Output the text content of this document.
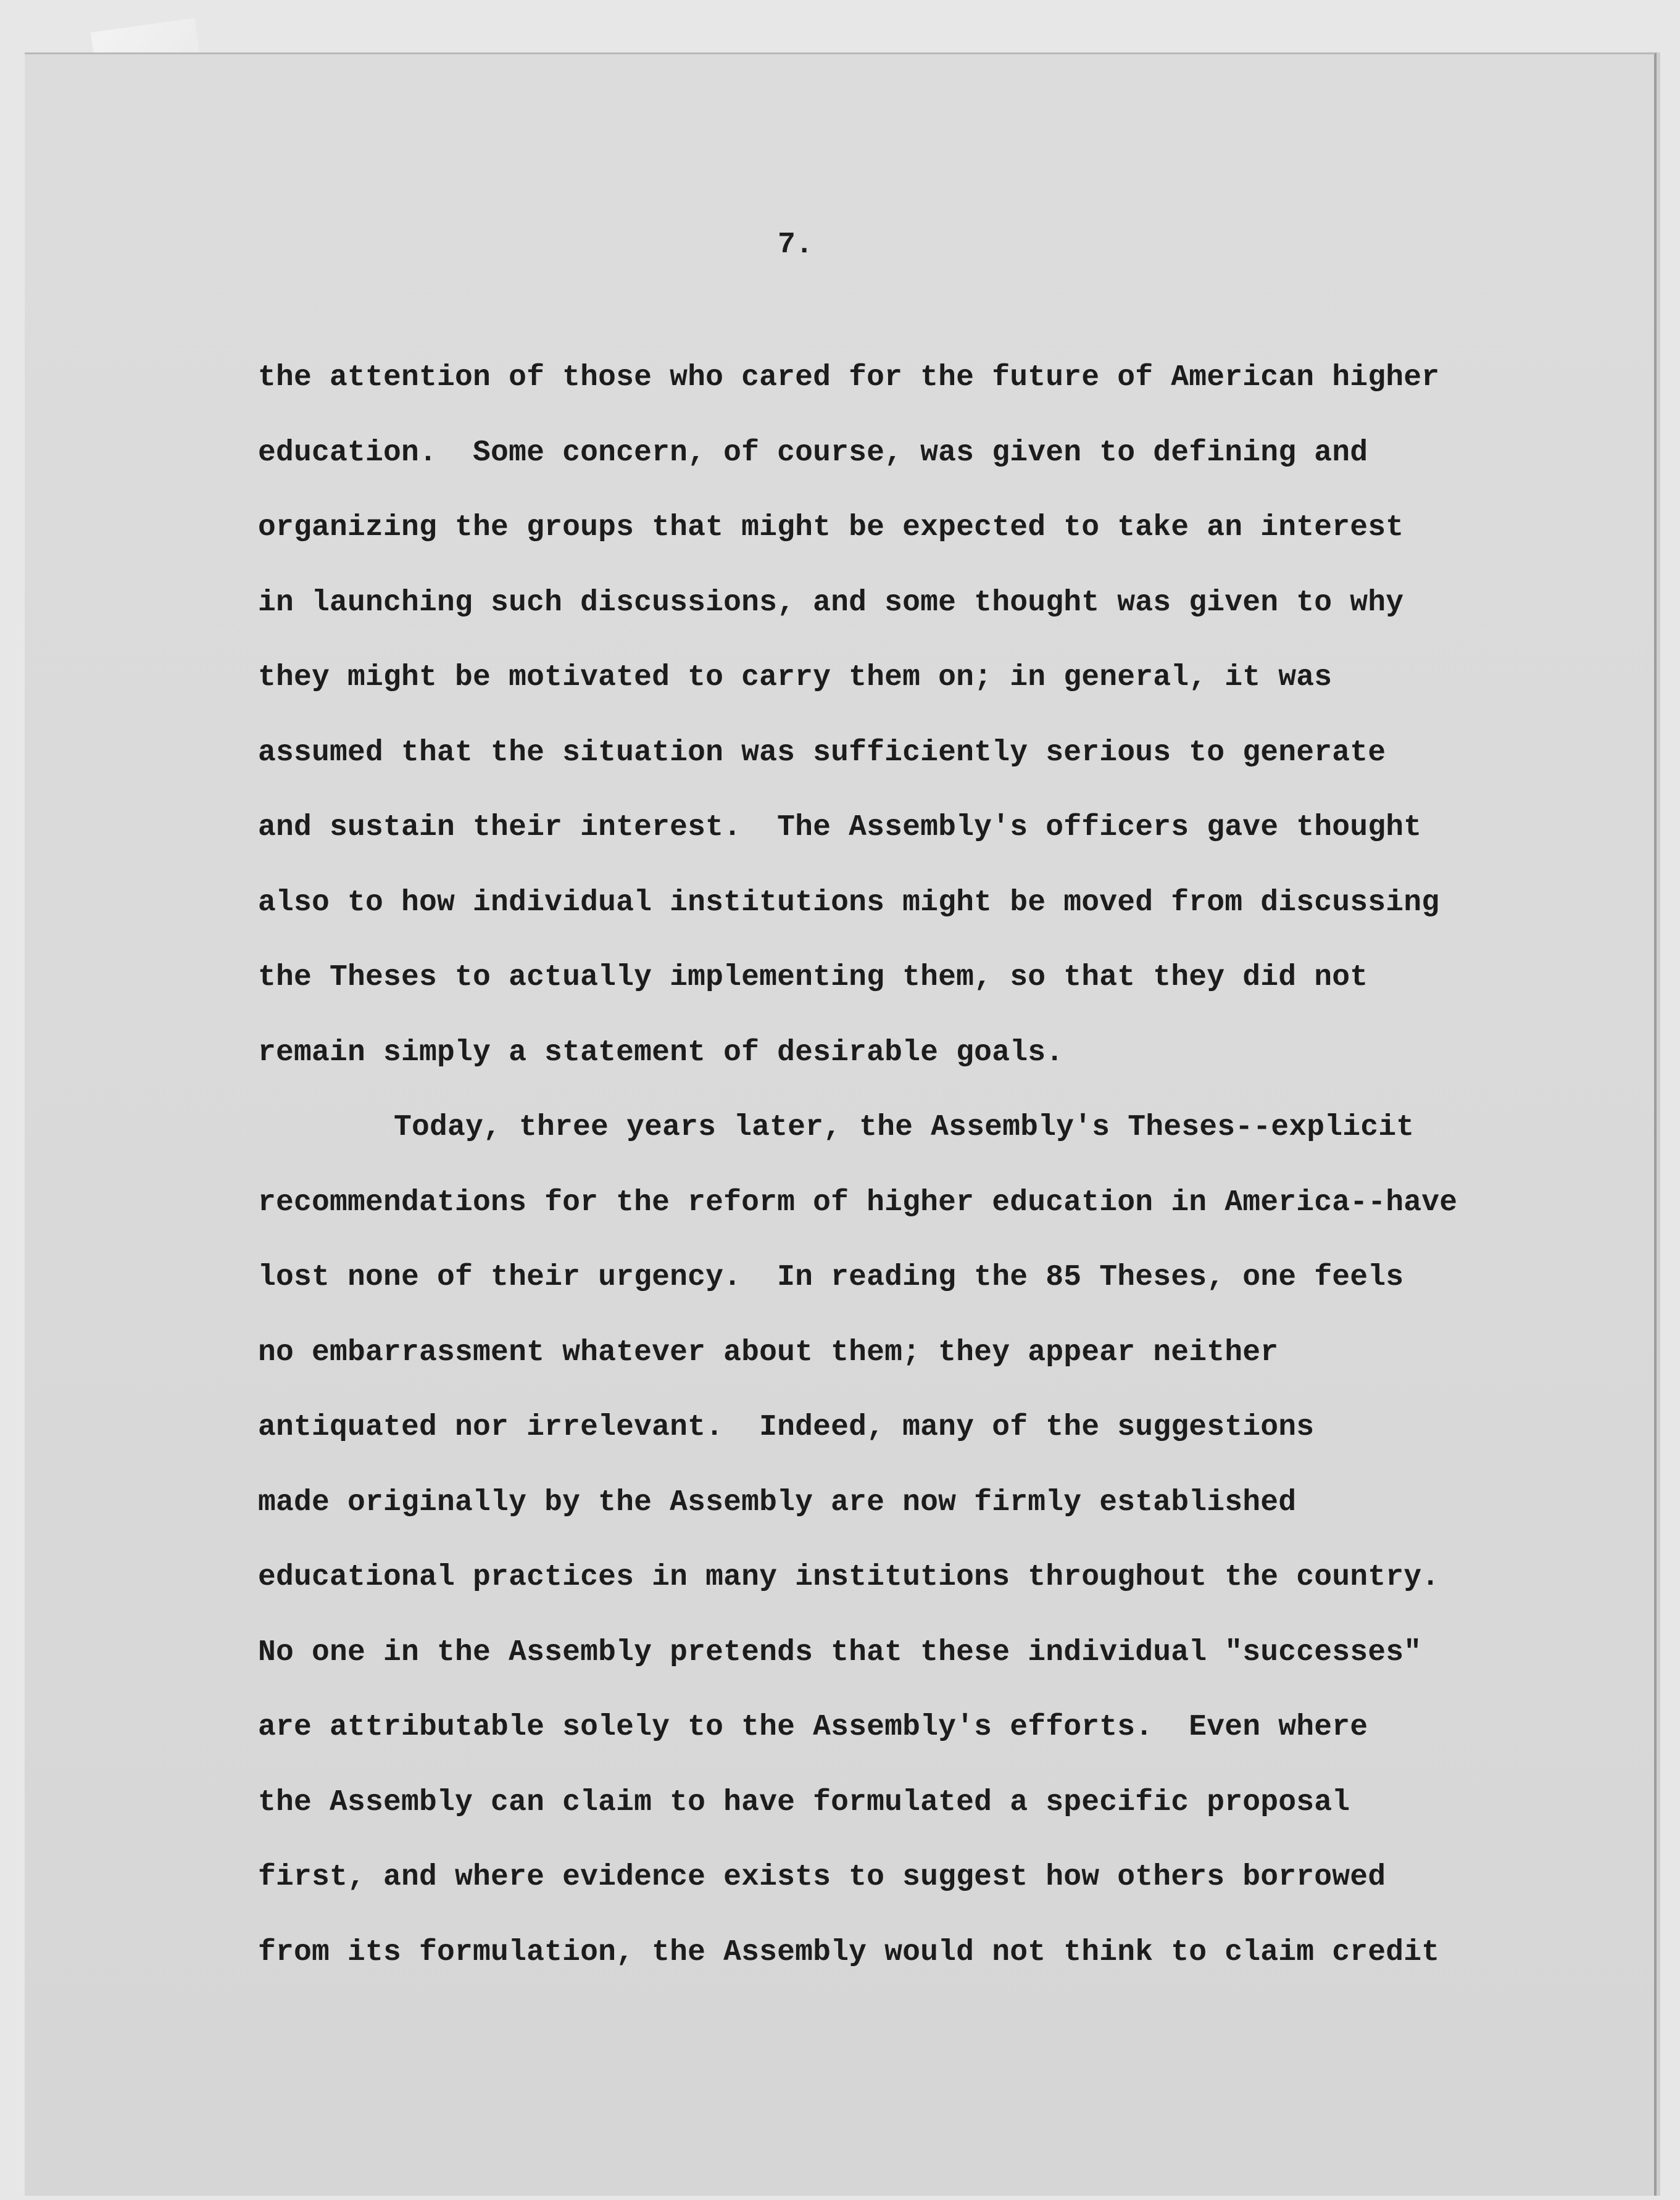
7.
the attention of those who cared for the future of American higher
education.  Some concern, of course, was given to defining and
organizing the groups that might be expected to take an interest
in launching such discussions, and some thought was given to why
they might be motivated to carry them on; in general, it was
assumed that the situation was sufficiently serious to generate
and sustain their interest.  The Assembly's officers gave thought
also to how individual institutions might be moved from discussing
the Theses to actually implementing them, so that they did not
remain simply a statement of desirable goals.
Today, three years later, the Assembly's Theses--explicit
recommendations for the reform of higher education in America--have
lost none of their urgency.  In reading the 85 Theses, one feels
no embarrassment whatever about them; they appear neither
antiquated nor irrelevant.  Indeed, many of the suggestions
made originally by the Assembly are now firmly established
educational practices in many institutions throughout the country.
No one in the Assembly pretends that these individual "successes"
are attributable solely to the Assembly's efforts.  Even where
the Assembly can claim to have formulated a specific proposal
first, and where evidence exists to suggest how others borrowed
from its formulation, the Assembly would not think to claim credit
